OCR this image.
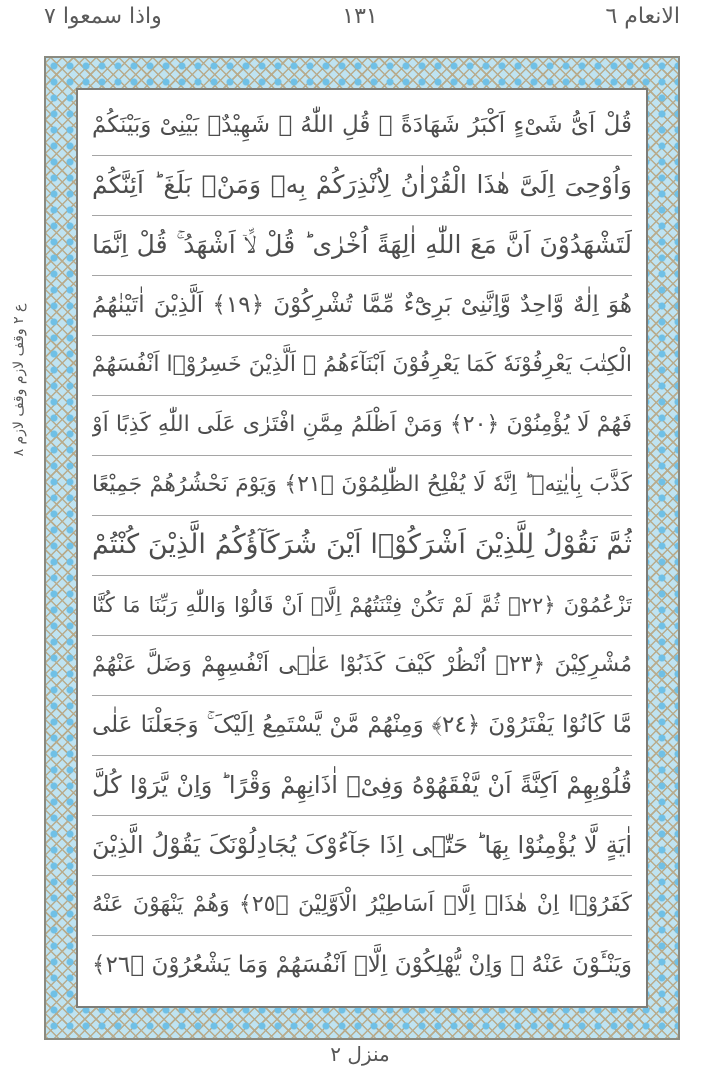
الانعام ٦
١٣١
واذا سمعوا ٧
ع ٢ وقف لازم وقف لازم ٨
قُلْ اَیُّ شَیْءٍ اَکْبَرُ شَهَادَةً ۚ قُلِ اللّٰهُ ۙ شَهِیْدٌۢ بَیْنِیْ وَبَیْنَکُمْ
وَاُوْحِیَ اِلَیَّ هٰذَا الْقُرْاٰنُ لِاُنْذِرَکُمْ بِهٖ وَمَنْۢ بَلَغَ ؕ اَئِنَّکُمْ
لَتَشْهَدُوْنَ اَنَّ مَعَ اللّٰهِ اٰلِهَةً اُخْرٰی ؕ قُلْ لَّاۤ اَشْهَدُ ۚ قُلْ اِنَّمَا
هُوَ اِلٰهٌ وَّاحِدٌ وَّاِنَّنِیْ بَرِیْٓءٌ مِّمَّا تُشْرِکُوْنَ ﴿١٩﴾ اَلَّذِیْنَ اٰتَیْنٰهُمُ
الْکِتٰبَ یَعْرِفُوْنَهٗ کَمَا یَعْرِفُوْنَ اَبْنَآءَهُمُ ۘ اَلَّذِیْنَ خَسِرُوْۤا اَنْفُسَهُمْ
فَهُمْ لَا یُؤْمِنُوْنَ ﴿٢٠﴾ وَمَنْ اَظْلَمُ مِمَّنِ افْتَرٰی عَلَی اللّٰهِ کَذِبًا اَوْ
کَذَّبَ بِاٰیٰتِهٖ ؕ اِنَّهٗ لَا یُفْلِحُ الظّٰلِمُوْنَ ﴿٢١﴾ وَیَوْمَ نَحْشُرُهُمْ جَمِیْعًا
ثُمَّ نَقُوْلُ لِلَّذِیْنَ اَشْرَکُوْۤا اَیْنَ شُرَکَآؤُکُمُ الَّذِیْنَ کُنْتُمْ
تَزْعُمُوْنَ ﴿٢٢﴾ ثُمَّ لَمْ تَکُنْ فِتْنَتُهُمْ اِلَّاۤ اَنْ قَالُوْا وَاللّٰهِ رَبِّنَا مَا کُنَّا
مُشْرِکِیْنَ ﴿٢٣﴾ اُنْظُرْ کَیْفَ کَذَبُوْا عَلٰۤی اَنْفُسِهِمْ وَضَلَّ عَنْهُمْ
مَّا کَانُوْا یَفْتَرُوْنَ ﴿٢٤﴾ وَمِنْهُمْ مَّنْ یَّسْتَمِعُ اِلَیْکَ ۚ وَجَعَلْنَا عَلٰی
قُلُوْبِهِمْ اَکِنَّةً اَنْ یَّفْقَهُوْهُ وَفِیْۤ اٰذَانِهِمْ وَقْرًا ؕ وَاِنْ یَّرَوْا کُلَّ
اٰیَةٍ لَّا یُؤْمِنُوْا بِهَا ؕ حَتّٰۤی اِذَا جَآءُوْکَ یُجَادِلُوْنَکَ یَقُوْلُ الَّذِیْنَ
کَفَرُوْۤا اِنْ هٰذَاۤ اِلَّاۤ اَسَاطِیْرُ الْاَوَّلِیْنَ ﴿٢٥﴾ وَهُمْ یَنْهَوْنَ عَنْهُ
وَیَنْـَٔوْنَ عَنْهُ ۚ وَاِنْ یُّهْلِکُوْنَ اِلَّاۤ اَنْفُسَهُمْ وَمَا یَشْعُرُوْنَ ﴿٢٦﴾
منزل ٢
